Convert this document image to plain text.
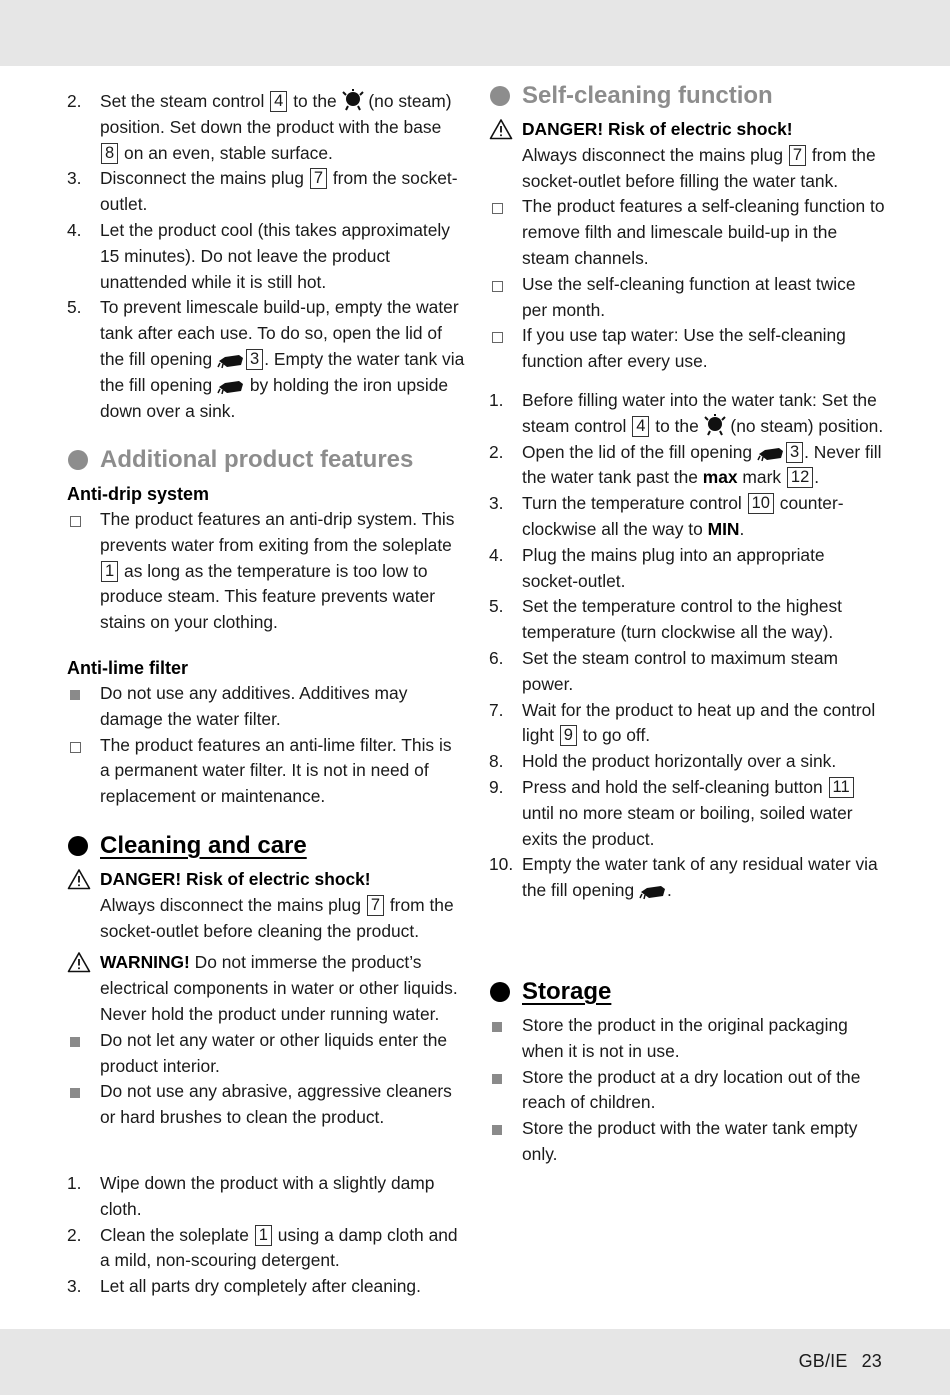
GB/IE 23
2. Set the steam control 4 to the
(no steam) position. Set down the product with the base 8 on an even, stable surface.
3. Disconnect the mains plug 7 from the socket-outlet.
4. Let the product cool (this takes approximately 15 minutes). Do not leave the product unattended while it is still hot.
5. To prevent limescale build-up, empty the water tank after each use. To do so, open the lid of the fill opening
3 . Empty the water tank via the fill opening
by holding the iron upside down over a sink.
Additional product features
Anti-drip system
The product features an anti-drip system. This prevents water from exiting from the soleplate 1 as long as the temperature is too low to produce steam. This feature prevents water stains on your clothing.
Anti-lime filter
Do not use any additives. Additives may damage the water filter.
The product features an anti-lime filter. This is a permanent water filter. It is not in need of replacement or maintenance.
Cleaning and care
DANGER! Risk of electric shock!
Always disconnect the mains plug 7 from the socket-outlet before cleaning the product.
WARNING! Do not immerse the product’s electrical components in water or other liquids. Never hold the product under running water.
Do not let any water or other liquids enter the product interior.
Do not use any abrasive, aggressive cleaners or hard brushes to clean the product.
1. Wipe down the product with a slightly damp cloth.
2. Clean the soleplate 1 using a damp cloth and a mild, non-scouring detergent.
3. Let all parts dry completely after cleaning.
Self-cleaning function
DANGER! Risk of electric shock!
Always disconnect the mains plug 7 from the socket-outlet before filling the water tank.
The product features a self-cleaning function to remove filth and limescale build-up in the steam channels.
Use the self-cleaning function at least twice per month.
If you use tap water: Use the self-cleaning function after every use.
1. Before filling water into the water tank: Set the steam control 4 to the
(no steam) position.
2. Open the lid of the fill opening
3 . Never fill the water tank past the max mark 12 .
3. Turn the temperature control 10 counter-clockwise all the way to MIN.
4. Plug the mains plug into an appropriate socket-outlet.
5. Set the temperature control to the highest temperature (turn clockwise all the way).
6. Set the steam control to maximum steam power.
7. Wait for the product to heat up and the control light 9 to go off.
8. Hold the product horizontally over a sink.
9. Press and hold the self-cleaning button 11 until no more steam or boiling, soiled water exits the product.
10. Empty the water tank of any residual water via the fill opening
.
Storage
Store the product in the original packaging when it is not in use.
Store the product at a dry location out of the reach of children.
Store the product with the water tank empty only.
